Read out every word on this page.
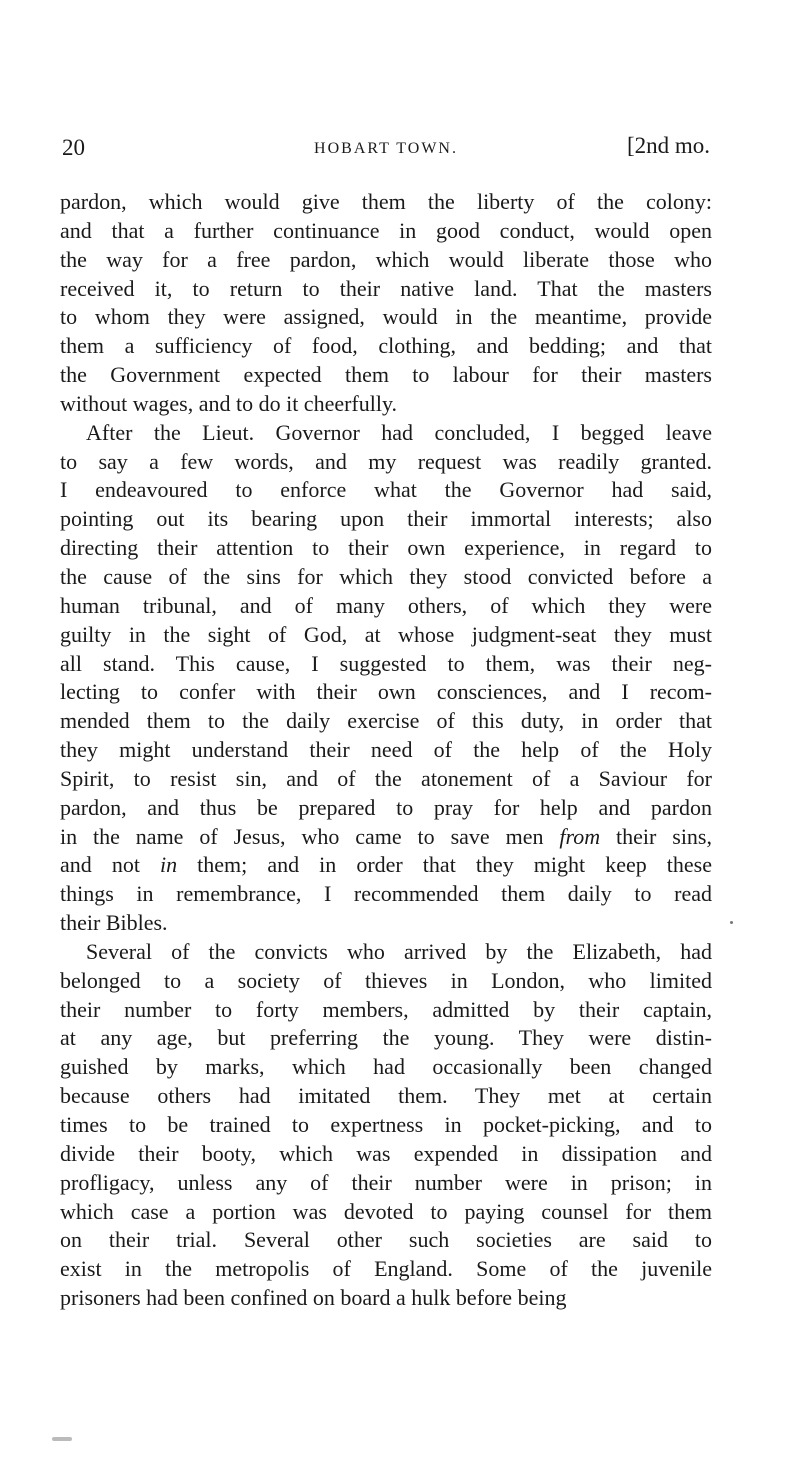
20	HOBART TOWN.	[2nd mo.
pardon, which would give them the liberty of the colony:
and that a further continuance in good conduct, would open
the way for a free pardon, which would liberate those who
received it, to return to their native land. That the masters
to whom they were assigned, would in the meantime, provide
them a sufficiency of food, clothing, and bedding; and that
the Government expected them to labour for their masters
without wages, and to do it cheerfully.
After the Lieut. Governor had concluded, I begged leave
to say a few words, and my request was readily granted.
I endeavoured to enforce what the Governor had said,
pointing out its bearing upon their immortal interests; also
directing their attention to their own experience, in regard to
the cause of the sins for which they stood convicted before a
human tribunal, and of many others, of which they were
guilty in the sight of God, at whose judgment-seat they must
all stand. This cause, I suggested to them, was their neg-
lecting to confer with their own consciences, and I recom-
mended them to the daily exercise of this duty, in order that
they might understand their need of the help of the Holy
Spirit, to resist sin, and of the atonement of a Saviour for
pardon, and thus be prepared to pray for help and pardon
in the name of Jesus, who came to save men from their sins,
and not in them; and in order that they might keep these
things in remembrance, I recommended them daily to read
their Bibles.
Several of the convicts who arrived by the Elizabeth, had
belonged to a society of thieves in London, who limited
their number to forty members, admitted by their captain,
at any age, but preferring the young. They were distin-
guished by marks, which had occasionally been changed
because others had imitated them. They met at certain
times to be trained to expertness in pocket-picking, and to
divide their booty, which was expended in dissipation and
profligacy, unless any of their number were in prison; in
which case a portion was devoted to paying counsel for them
on their trial. Several other such societies are said to
exist in the metropolis of England. Some of the juvenile
prisoners had been confined on board a hulk before being
